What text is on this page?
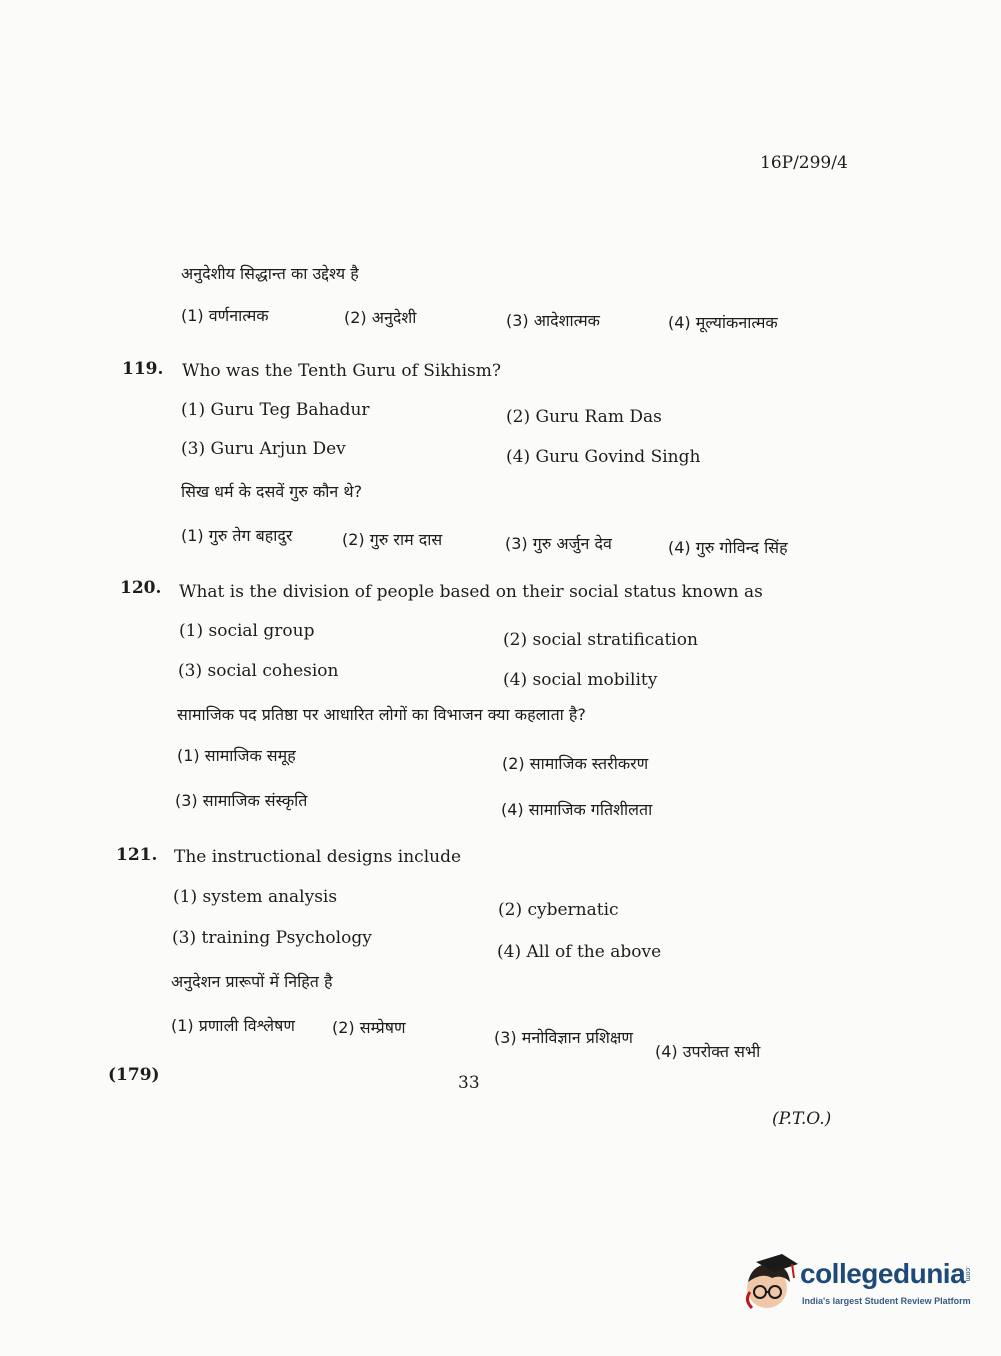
16P/299/4
अनुदेशीय सिद्धान्त का उद्देश्य है
(1) वर्णनात्मक	(2) अनुदेशी	(3) आदेशात्मक	(4) मूल्यांकनात्मक
119. Who was the Tenth Guru of Sikhism?
(1) Guru Teg Bahadur	(2) Guru Ram Das
(3) Guru Arjun Dev	(4) Guru Govind Singh
सिख धर्म के दसवें गुरु कौन थे?
(1) गुरु तेग बहादुर	(2) गुरु राम दास	(3) गुरु अर्जुन देव	(4) गुरु गोविन्द सिंह
120. What is the division of people based on their social status known as
(1) social group	(2) social stratification
(3) social cohesion	(4) social mobility
सामाजिक पद प्रतिष्ठा पर आधारित लोगों का विभाजन क्या कहलाता है?
(1) सामाजिक समूह	(2) सामाजिक स्तरीकरण
(3) सामाजिक संस्कृति	(4) सामाजिक गतिशीलता
121. The instructional designs include
(1) system analysis
(2) cybernatic
(3) training Psychology
(4) All of the above
अनुदेशन प्रारूपों में निहित है
(1) प्रणाली विश्लेषण (2) सम्प्रेषण
(3) मनोविज्ञान प्रशिक्षण
(4) उपरोक्त सभी
(179)	33
(P.T.O.)
collegedunia
.com
India's largest Student Review Platform
